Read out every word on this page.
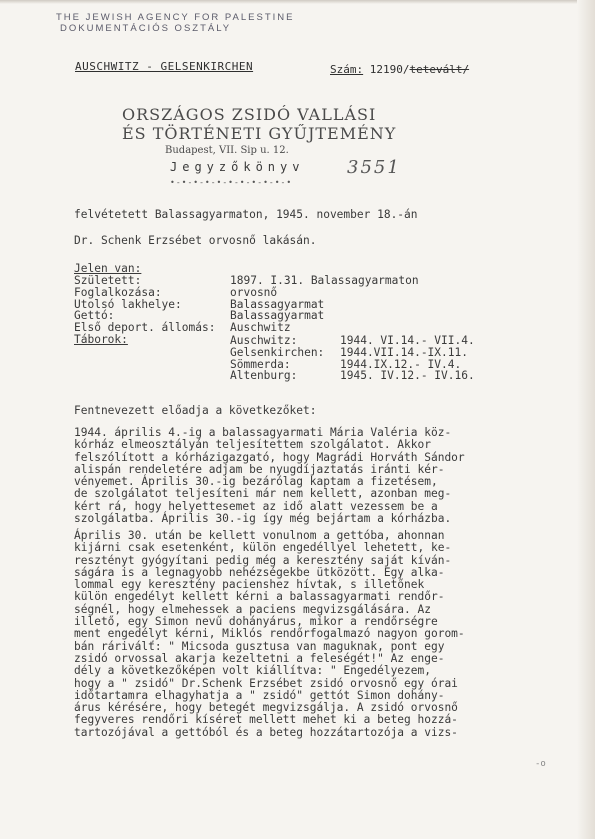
THE JEWISH AGENCY FOR PALESTINE
DOKUMENTÁCIÓS OSZTÁLY
AUSCHWITZ - GELSENKIRCHEN	Szám: 12190/tetevált/
ORSZÁGOS ZSIDÓ VALLÁSI
ÉS TÖRTÉNETI GYŰJTEMÉNY
Budapest, VII. Sip u. 12.
Jegyzőkönyv 3551
•-•-•-•-•-•-•-•-•-•-•
felvétetett Balassagyarmaton, 1945. november 18.-án
Dr. Schenk Erzsébet orvosnő lakásán.
Jelen van:
Született:	1897. I.31. Balassagyarmaton
Foglalkozása:	orvosnő
Utolsó lakhelye:	Balassagyarmat
Gettó:	Balassagyarmat
Első deport. állomás: Auschwitz
Táborok:	Auschwitz:	1944. VI.14.- VII.4.
Gelsenkirchen: 1944.VII.14.-IX.11.
Sömmerda:	1944.IX.12.- IV.4.
Altenburg:	1945. IV.12.- IV.16.
Fentnevezett előadja a következőket:
1944. április 4.-ig a balassagyarmati Mária Valéria köz-
kórház elmeosztályán teljesítettem szolgálatot. Akkor
felszólított a kórházigazgató, hogy Magrádi Horváth Sándor
alispán rendeletére adjam be nyugdíjaztatás iránti kér-
vényemet. Április 30.-ig bezárólag kaptam a fizetésem,
de szolgálatot teljesíteni már nem kellett, azonban meg-
kért rá, hogy helyettesemet az idő alatt vezessem be a
szolgálatba. Április 30.-ig így még bejártam a kórházba.
Április 30. után be kellett vonulnom a gettóba, ahonnan
kijárni csak esetenként, külön engedéllyel lehetett, ke-
resztényt gyógyítani pedig még a keresztény saját kíván-
ságára is a legnagyobb nehézségekbe ütközött. Egy alka-
lommal egy keresztény pacienshez hívtak, s illetőnek
külön engedélyt kellett kérni a balassagyarmati rendőr-
ségnél, hogy elmehessek a paciens megvizsgálására. Az
illető, egy Simon nevű dohányárus, mikor a rendőrségre
ment engedélyt kérni, Miklós rendőrfogalmazó nagyon gorom-
bán ráriválť: " Micsoda gusztusa van maguknak, pont egy
zsidó orvossal akarja kezeltetni a feleségét!" Az enge-
dély a következőképen volt kiállítva: " Engedélyezem,
hogy a " zsidó" Dr.Schenk Erzsébet zsidó orvosnő egy órai
időtartamra elhagyhatja a " zsidó" gettót Simon dohány-
árus kérésére, hogy betegét megvizsgálja. A zsidó orvosnő
fegyveres rendőri kíséret mellett mehet ki a beteg hozzá-
tartozójával a gettóból és a beteg hozzátartozója a vizs-
-o
